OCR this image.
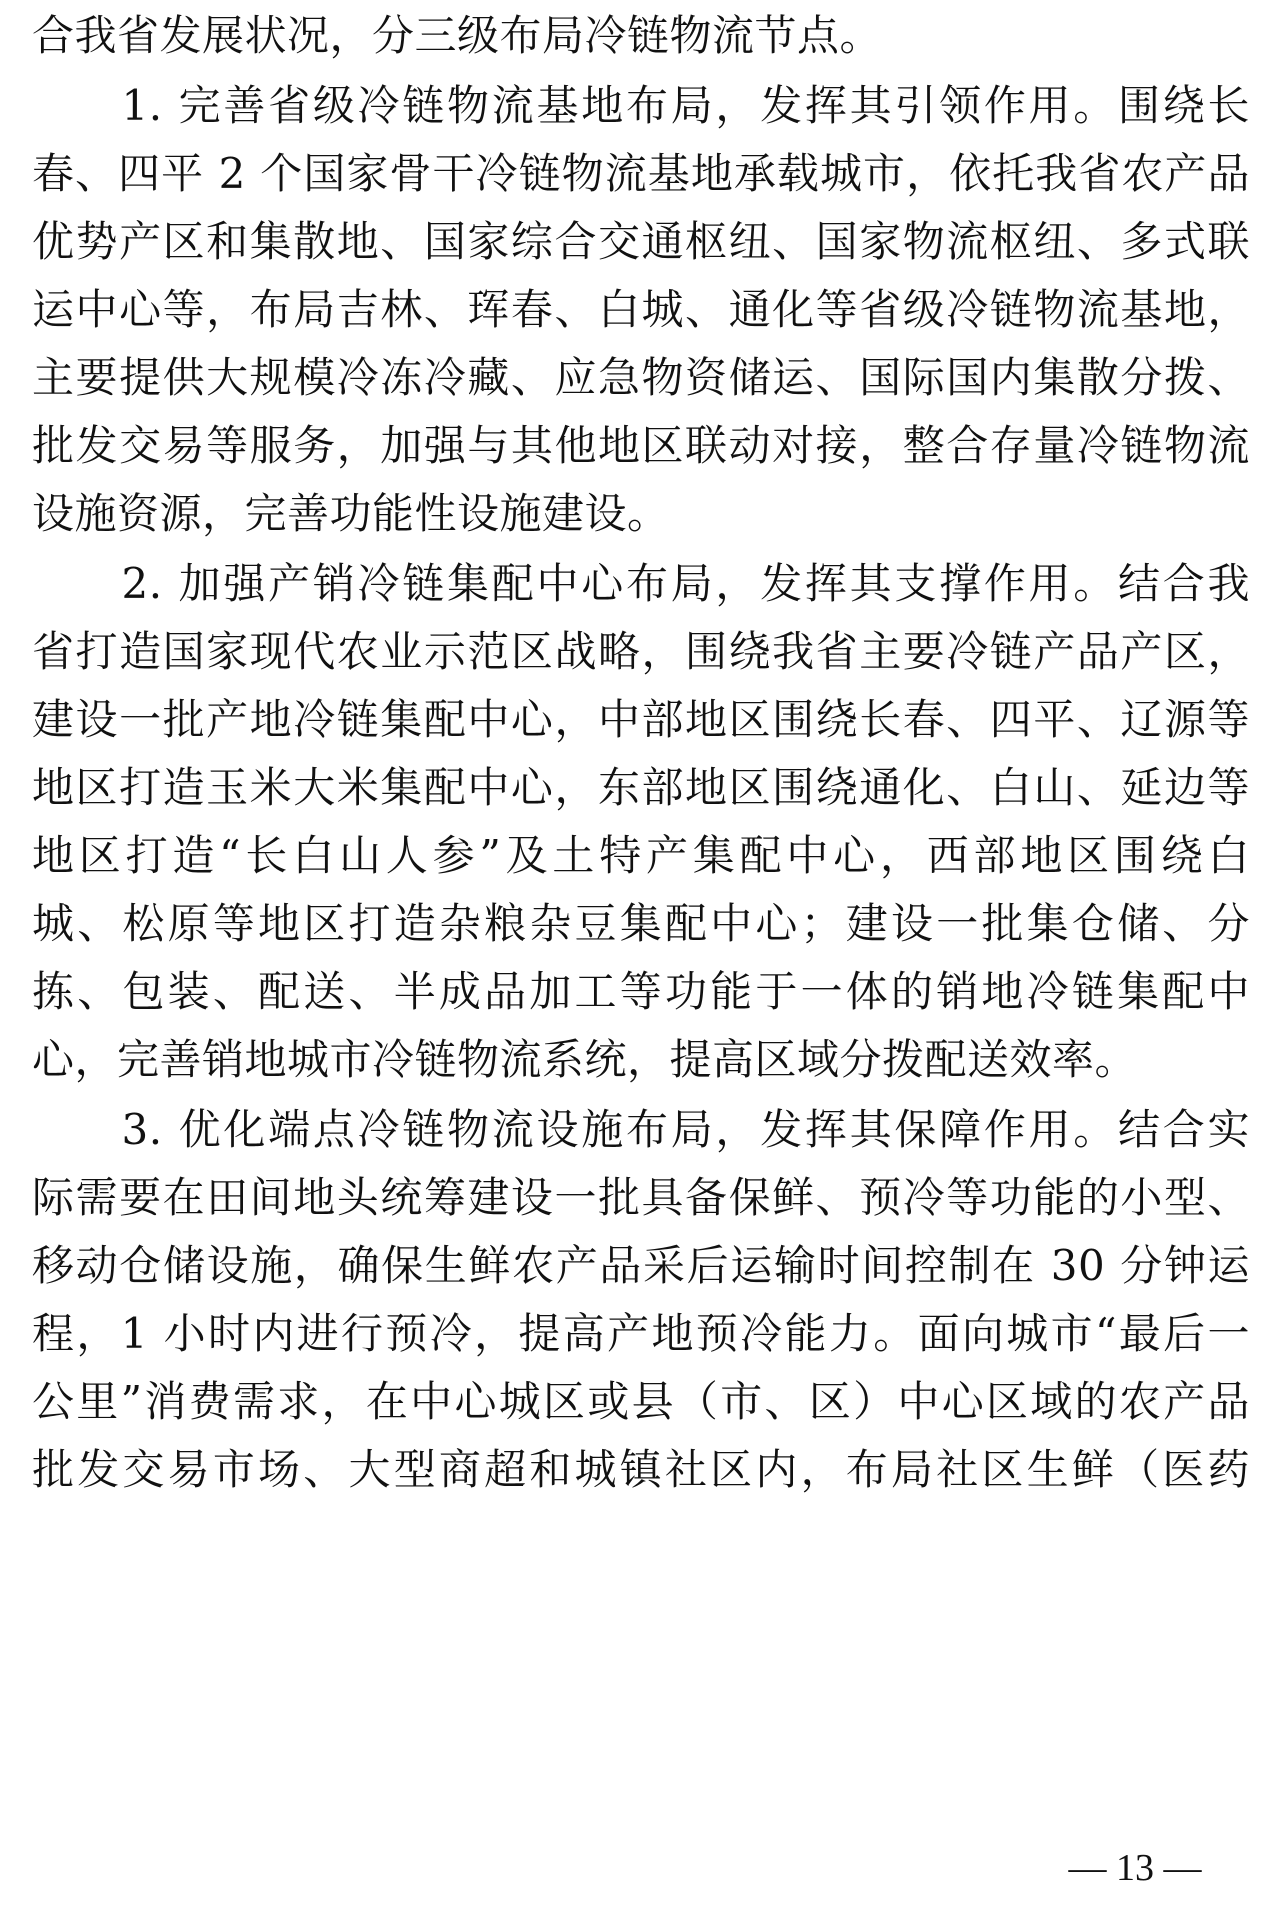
合我省发展状况，分三级布局冷链物流节点。
　　1. 完善省级冷链物流基地布局，发挥其引领作用。围绕长
春、四平 2 个国家骨干冷链物流基地承载城市，依托我省农产品
优势产区和集散地、国家综合交通枢纽、国家物流枢纽、多式联
运中心等，布局吉林、珲春、白城、通化等省级冷链物流基地，
主要提供大规模冷冻冷藏、应急物资储运、国际国内集散分拨、
批发交易等服务，加强与其他地区联动对接，整合存量冷链物流
设施资源，完善功能性设施建设。
　　2. 加强产销冷链集配中心布局，发挥其支撑作用。结合我
省打造国家现代农业示范区战略，围绕我省主要冷链产品产区，
建设一批产地冷链集配中心，中部地区围绕长春、四平、辽源等
地区打造玉米大米集配中心，东部地区围绕通化、白山、延边等
地区打造“长白山人参”及土特产集配中心，西部地区围绕白
城、松原等地区打造杂粮杂豆集配中心；建设一批集仓储、分
拣、包装、配送、半成品加工等功能于一体的销地冷链集配中
心，完善销地城市冷链物流系统，提高区域分拨配送效率。
　　3. 优化端点冷链物流设施布局，发挥其保障作用。结合实
际需要在田间地头统筹建设一批具备保鲜、预冷等功能的小型、
移动仓储设施，确保生鲜农产品采后运输时间控制在 30 分钟运
程，1 小时内进行预冷，提高产地预冷能力。面向城市“最后一
公里”消费需求，在中心城区或县（市、区）中心区域的农产品
批发交易市场、大型商超和城镇社区内，布局社区生鲜（医药
— 13 —
